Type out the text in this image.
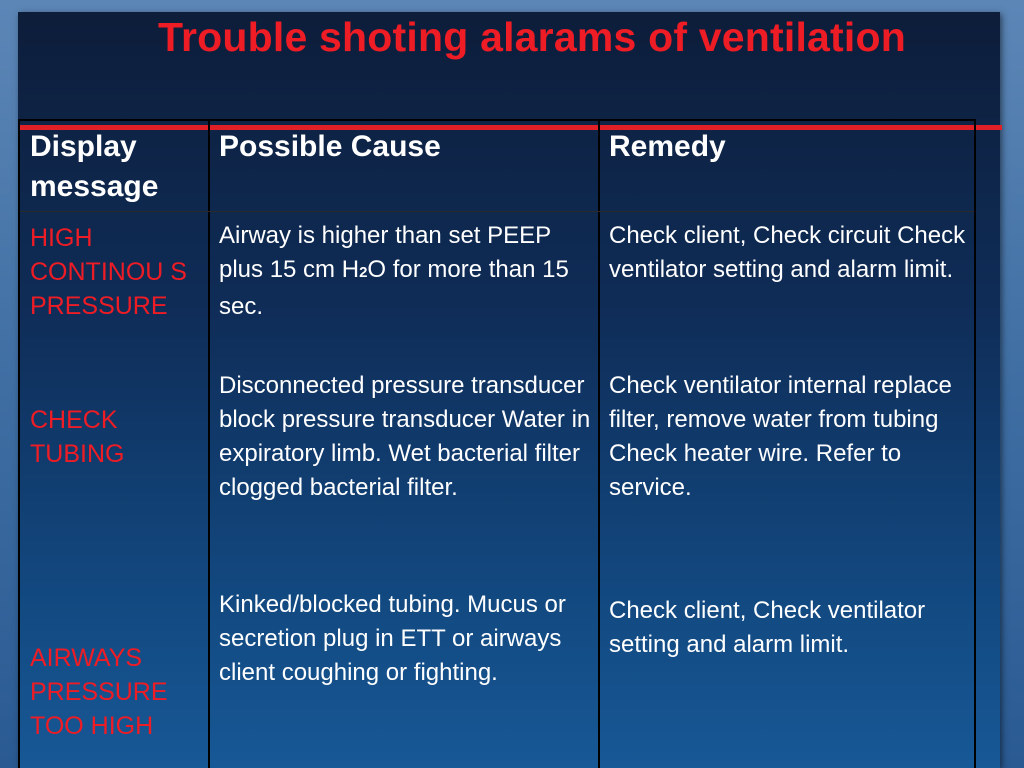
Trouble shoting alarams of ventilation
Display message
Possible Cause	Remedy
HIGH CONTINOU S PRESSURE
Airway is higher than set PEEP plus 15 cm H2O for more than 15 sec.
Check client, Check circuit Check ventilator setting and alarm limit.
CHECK TUBING
Disconnected pressure transducer block pressure transducer Water in expiratory limb. Wet bacterial filter clogged bacterial filter.
Check ventilator internal replace filter, remove water from tubing Check heater wire. Refer to service.
AIRWAYS PRESSURE TOO HIGH
Kinked/blocked tubing. Mucus or secretion plug in ETT or airways client coughing or fighting.
Check client, Check ventilator setting and alarm limit.
